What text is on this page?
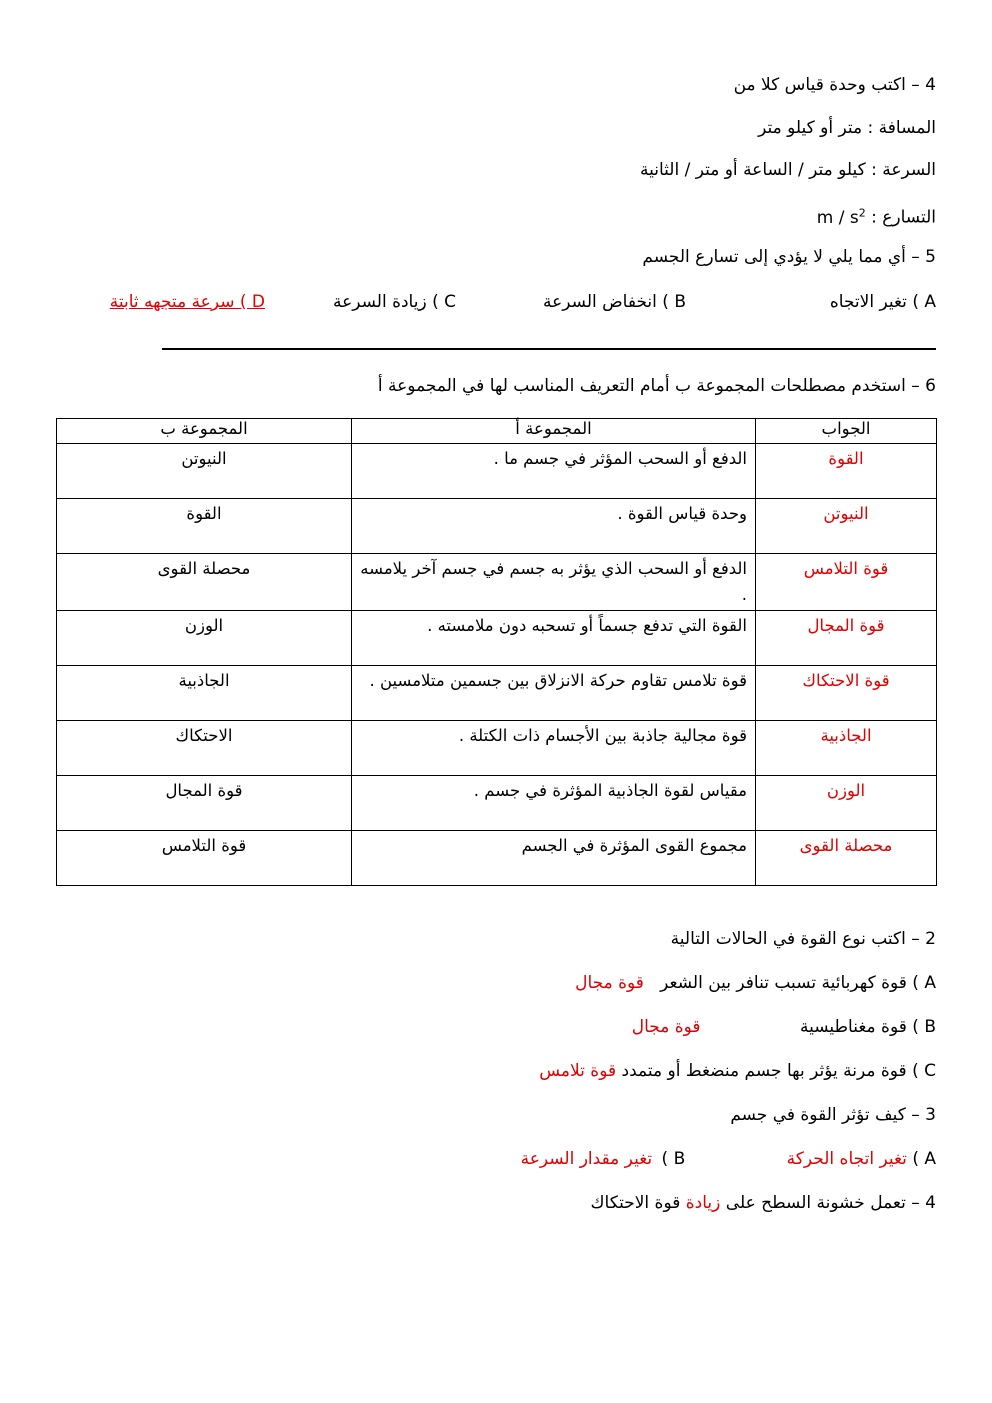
4 – اكتب وحدة قياس كلا من
المسافة : متر أو كيلو متر
السرعة : كيلو متر / الساعة أو متر / الثانية
التسارع : m / $s^2$
5 – أي مما يلي لا يؤدي إلى تسارع الجسم
A ) تغير الاتجاه
B ) انخفاض السرعة
C ) زيادة السرعة
D ) سرعة متجهه ثابتة
6 – استخدم مصطلحات المجموعة ب أمام التعريف المناسب لها في المجموعة أ
الجواب	المجموعة أ	المجموعة ب
القوة	الدفع أو السحب المؤثر في جسم ما .	النيوتن
النيوتن	وحدة قياس القوة .	القوة
قوة التلامس	الدفع أو السحب الذي يؤثر به جسم في جسم آخر يلامسه .	محصلة القوى
قوة المجال	القوة التي تدفع جسماً أو تسحبه دون ملامسته .	الوزن
قوة الاحتكاك	قوة تلامس تقاوم حركة الانزلاق بين جسمين متلامسين .	الجاذبية
الجاذبية	قوة مجالية جاذبة بين الأجسام ذات الكتلة .	الاحتكاك
الوزن	مقياس لقوة الجاذبية المؤثرة في جسم .	قوة المجال
محصلة القوى	مجموع القوى المؤثرة في الجسم	قوة التلامس
2 – اكتب نوع القوة في الحالات التالية
A ) قوة كهربائية تسبب تنافر بين الشعر   قوة مجال
B ) قوة مغناطيسية قوة مجال
C ) قوة مرنة يؤثر بها جسم منضغط أو متمدد قوة تلامس
3 – كيف تؤثر القوة في جسم
A ) تغير اتجاه الحركة B ) تغير مقدار السرعة
4 – تعمل خشونة السطح على زيادة قوة الاحتكاك
